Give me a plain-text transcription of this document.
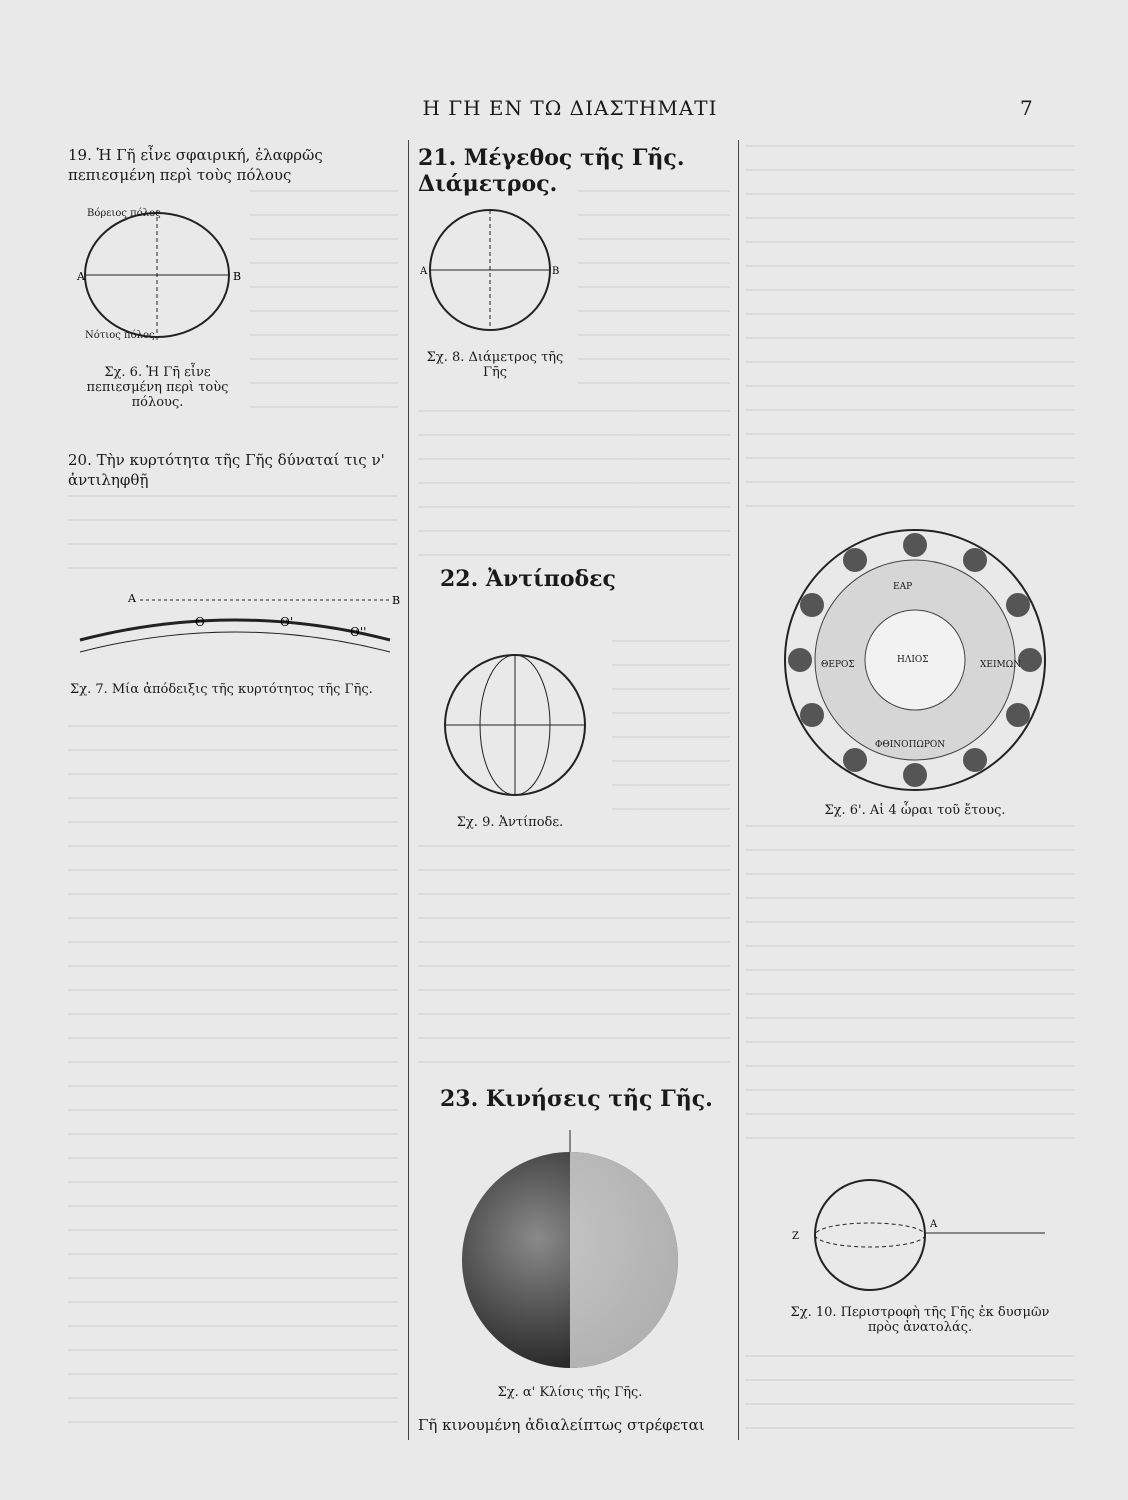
Η ΓΗ ΕΝ ΤΩ ΔΙΑΣΤΗΜΑΤΙ	7
19. Ἡ Γῆ εἶνε σφαιρική, ἐλαφρῶς πεπιεσμένη περὶ τοὺς πόλους
Α	Β
Βόρειος πόλος
Νότιος πόλος
Σχ. 6. Ἡ Γῆ εἶνε πεπιεσμένη περὶ τοὺς πόλους.
20. Τὴν κυρτότητα τῆς Γῆς δύναταί τις ν' ἀντιληφθῇ
Α	Β
Θ	Θ'
Θ''
Σχ. 7. Μία ἀπόδειξις τῆς κυρτότητος τῆς Γῆς.
21. Μέγεθος τῆς Γῆς. Διάμετρος.
Α	Β
Σχ. 8. Διάμετρος τῆς Γῆς
22. Ἀντίποδες
Σχ. 9. Ἀντίποδε.
23. Κινήσεις τῆς Γῆς.
Σχ. α' Κλίσις τῆς Γῆς.
Γῆ κινουμένη ἀδιαλείπτως στρέφεται
ΕΑΡ
ΗΛΙΟΣ
ΘΕΡΟΣ	ΧΕΙΜΩΝ
ΦΘΙΝΟΠΩΡΟΝ
Σχ. 6'. Αἱ 4 ὧραι τοῦ ἔτους.
Ζ
Α
Σχ. 10. Περιστροφὴ τῆς Γῆς ἐκ δυσμῶν πρὸς ἀνατολάς.
